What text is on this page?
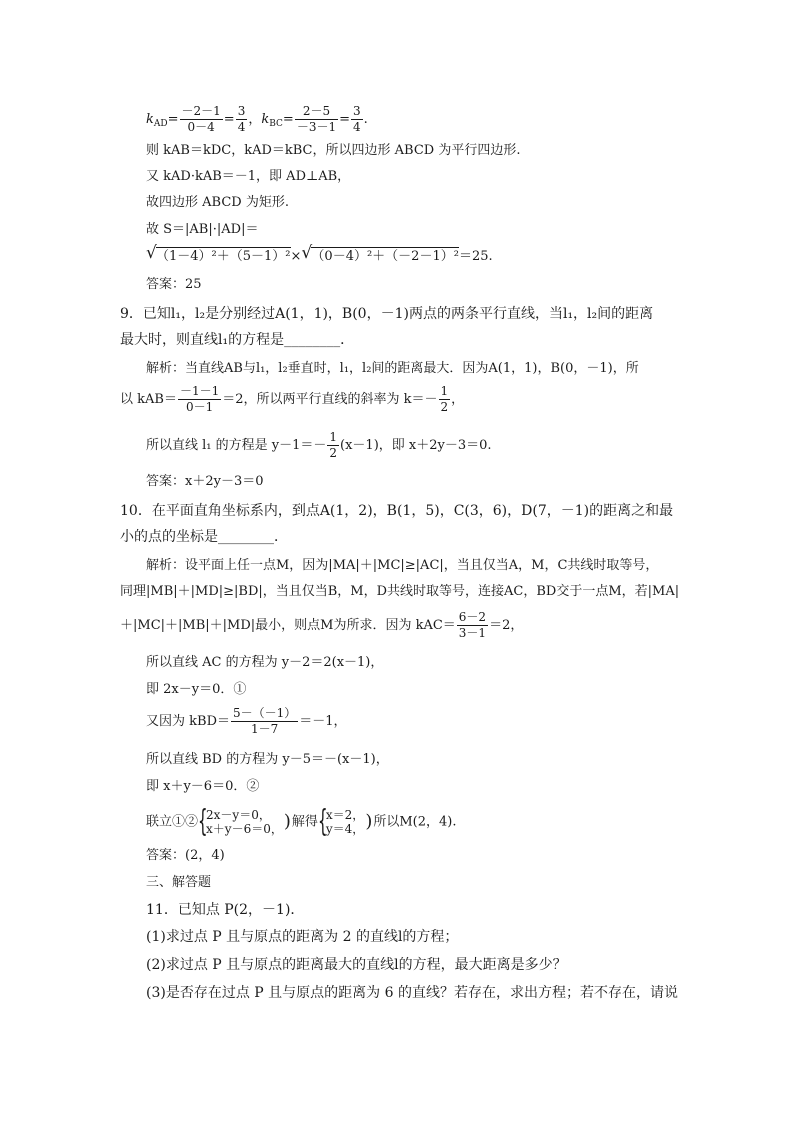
$k_{AD}= \frac{-2-1}{0-4} = \frac{3}{4}$ ，$k_{BC}= \frac{2-5}{-3-1} = \frac{3}{4}$ .
则 kAB＝kDC，kAD＝kBC，所以四边形 ABCD 为平行四边形.
又 kAD·kAB＝－1，即 AD⊥AB，
故四边形 ABCD 为矩形.
故 S＝|AB|·|AD|＝
√ （1－4）²＋（5－1）²× √ （0－4）²＋（－2－1）²＝25.
答案：25
9．已知l₁，l₂是分别经过A(1，1)，B(0，－1)两点的两条平行直线，当l₁，l₂间的距离
最大时，则直线l₁的方程是________．
解析：当直线AB与l₁，l₂垂直时，l₁，l₂间的距离最大．因为A(1，1)，B(0，－1)，所
以 $kAB= \frac{-1-1}{0-1} =2$，所以两平行直线的斜率为 $k=- \frac{1}{2}$ ，
所以直线 l₁ 的方程是 $y-1=- \frac{1}{2} (x-1)$，即 x＋2y－3＝0.
答案：x＋2y－3＝0
10．在平面直角坐标系内，到点A(1，2)，B(1，5)，C(3，6)，D(7，－1)的距离之和最
小的点的坐标是________．
解析：设平面上任一点M，因为|MA|＋|MC|≥|AC|，当且仅当A，M，C共线时取等号，
同理|MB|＋|MD|≥|BD|，当且仅当B，M，D共线时取等号，连接AC，BD交于一点M，若|MA|
＋|MC|＋|MB|＋|MD|最小，则点M为所求．因为 $kAC= \frac{6-2}{3-1} =2$，
所以直线 AC 的方程为 y－2＝2(x－1)，
即 2x－y＝0．①
又因为 $kBD= \frac{5-(-1)}{1-7} =-1$，
所以直线 BD 的方程为 y－5＝－(x－1)，
即 x＋y－6＝0．②
联立①② {
2x－y＝0，
x＋y－6＝0， )解得 {
x＝2，
y＝4， )所以M(2，4).
答案：(2，4)
三、解答题
11．已知点 P(2，－1)．
(1)求过点 P 且与原点的距离为 2 的直线l的方程；
(2)求过点 P 且与原点的距离最大的直线l的方程，最大距离是多少？
(3)是否存在过点 P 且与原点的距离为 6 的直线？若存在，求出方程；若不存在，请说
